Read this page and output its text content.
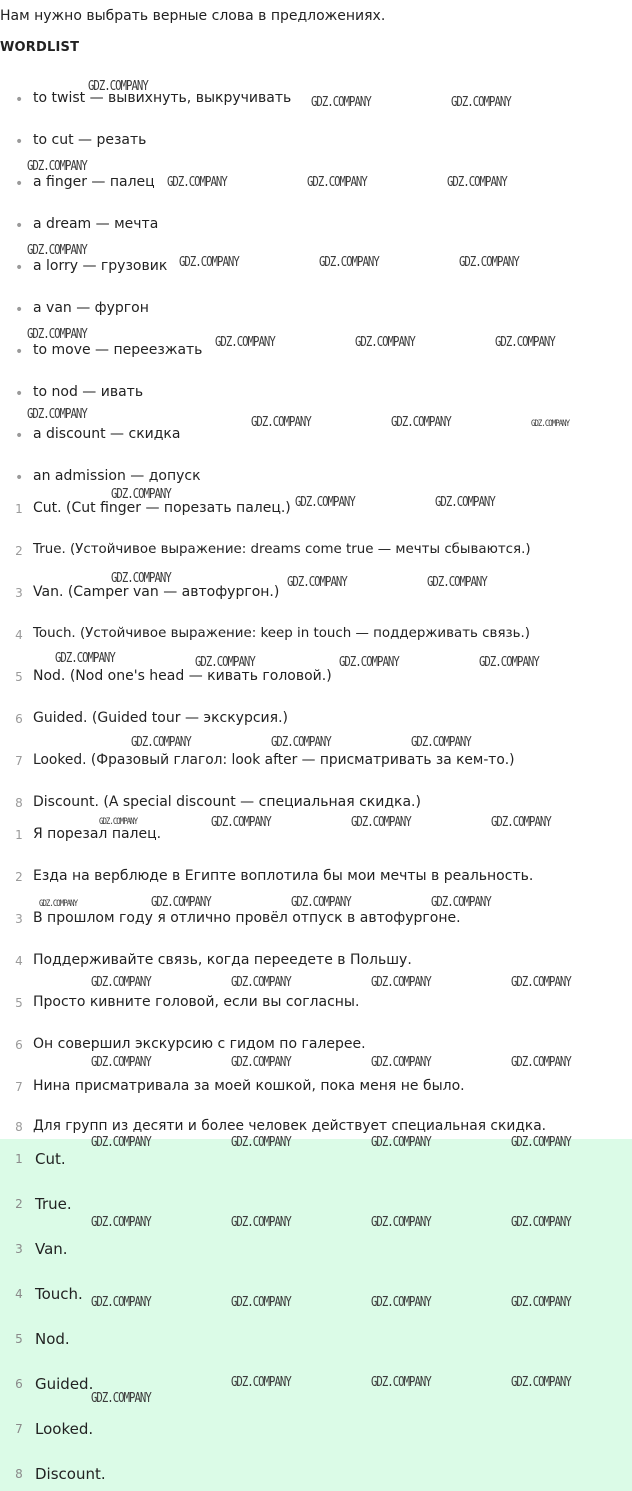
Нам нужно выбрать верные слова в предложениях.
WORDLIST
• to twist — вывихнуть, выкручивать
• to cut — резать
• a finger — палец
• a dream — мечта
• a lorry — грузовик
• a van — фургон
• to move — переезжать
• to nod — ивать
• a discount — скидка
• an admission — допуск
1 Cut. (Cut finger — порезать палец.)
2 True. (Устойчивое выражение: dreams come true — мечты сбываются.)
3 Van. (Camper van — автофургон.)
4 Touch. (Устойчивое выражение: keep in touch — поддерживать связь.)
5 Nod. (Nod one's head — кивать головой.)
6 Guided. (Guided tour — экскурсия.)
7 Looked. (Фразовый глагол: look after — присматривать за кем-то.)
8 Discount. (A special discount — специальная скидка.)
1 Я порезал палец.
2 Езда на верблюде в Египте воплотила бы мои мечты в реальность.
3 В прошлом году я отлично провёл отпуск в автофургоне.
4 Поддерживайте связь, когда переедете в Польшу.
5 Просто кивните головой, если вы согласны.
6 Он совершил экскурсию с гидом по галерее.
7 Нина присматривала за моей кошкой, пока меня не было.
8 Для групп из десяти и более человек действует специальная скидка.
1 Cut.
2 True.
3 Van.
4 Touch.
5 Nod.
6 Guided.
7 Looked.
8 Discount.
GDZ.COMPANY
GDZ.COMPANY	GDZ.COMPANY
GDZ.COMPANY
GDZ.COMPANY	GDZ.COMPANY	GDZ.COMPANY
GDZ.COMPANY
GDZ.COMPANY	GDZ.COMPANY	GDZ.COMPANY
GDZ.COMPANY
GDZ.COMPANY	GDZ.COMPANY	GDZ.COMPANY
GDZ.COMPANY
GDZ.COMPANY	GDZ.COMPANY	GDZ.COMPANY
GDZ.COMPANY
GDZ.COMPANY	GDZ.COMPANY
GDZ.COMPANY	GDZ.COMPANY	GDZ.COMPANY
GDZ.COMPANY	GDZ.COMPANY	GDZ.COMPANY	GDZ.COMPANY
GDZ.COMPANY	GDZ.COMPANY	GDZ.COMPANY
GDZ.COMPANY	GDZ.COMPANY	GDZ.COMPANY	GDZ.COMPANY
GDZ.COMPANY	GDZ.COMPANY	GDZ.COMPANY	GDZ.COMPANY
GDZ.COMPANY	GDZ.COMPANY	GDZ.COMPANY	GDZ.COMPANY
GDZ.COMPANY	GDZ.COMPANY	GDZ.COMPANY	GDZ.COMPANY
GDZ.COMPANY	GDZ.COMPANY	GDZ.COMPANY	GDZ.COMPANY
GDZ.COMPANY	GDZ.COMPANY	GDZ.COMPANY	GDZ.COMPANY
GDZ.COMPANY	GDZ.COMPANY	GDZ.COMPANY	GDZ.COMPANY
GDZ.COMPANY	GDZ.COMPANY	GDZ.COMPANY
GDZ.COMPANY
